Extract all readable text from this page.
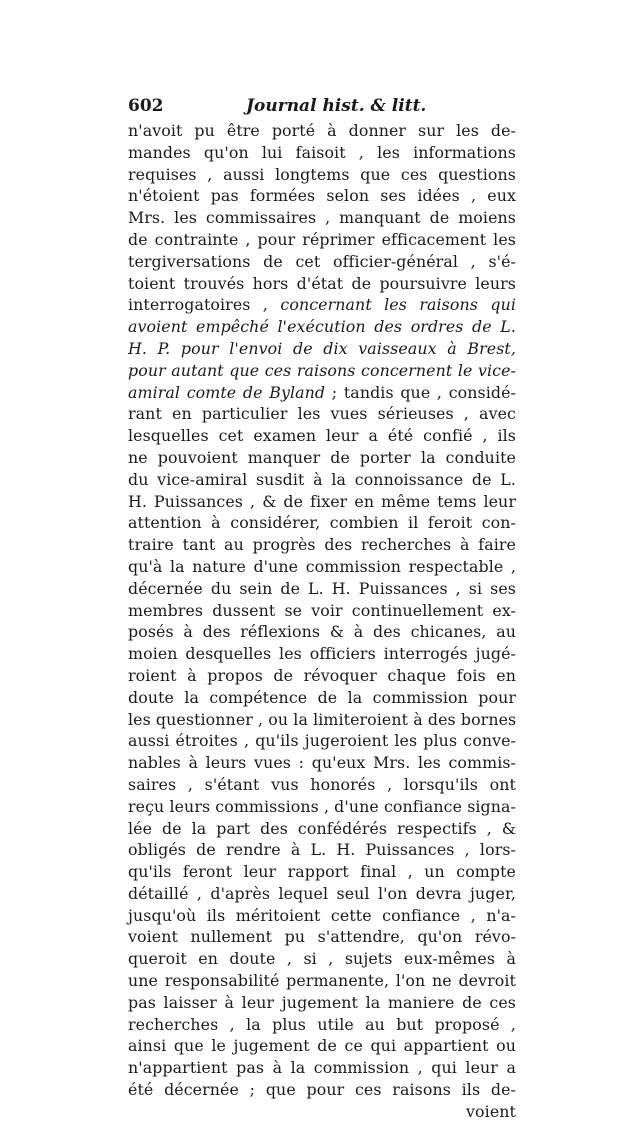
602	Journal hist. & litt.
n'avoit pu être porté à donner sur les de-
mandes qu'on lui faisoit , les informations
requises , aussi longtems que ces questions
n'étoient pas formées selon ses idées , eux
Mrs. les commissaires , manquant de moiens
de contrainte , pour réprimer efficacement les
tergiversations de cet officier-général , s'é-
toient trouvés hors d'état de poursuivre leurs
interrogatoires , concernant les raisons qui
avoient empêché l'exécution des ordres de L.
H. P. pour l'envoi de dix vaisseaux à Brest,
pour autant que ces raisons concernent le vice-
amiral comte de Byland ; tandis que , considé-
rant en particulier les vues sérieuses , avec
lesquelles cet examen leur a été confié , ils
ne pouvoient manquer de porter la conduite
du vice-amiral susdit à la connoissance de L.
H. Puissances , & de fixer en même tems leur
attention à considérer, combien il feroit con-
traire tant au progrès des recherches à faire
qu'à la nature d'une commission respectable ,
décernée du sein de L. H. Puissances , si ses
membres dussent se voir continuellement ex-
posés à des réflexions & à des chicanes, au
moien desquelles les officiers interrogés jugé-
roient à propos de révoquer chaque fois en
doute la compétence de la commission pour
les questionner , ou la limiteroient à des bornes
aussi étroites , qu'ils jugeroient les plus conve-
nables à leurs vues : qu'eux Mrs. les commis-
saires , s'étant vus honorés , lorsqu'ils ont
reçu leurs commissions , d'une confiance signa-
lée de la part des confédérés respectifs , &
obligés de rendre à L. H. Puissances , lors-
qu'ils feront leur rapport final , un compte
détaillé , d'après lequel seul l'on devra juger,
jusqu'où ils méritoient cette confiance , n'a-
voient nullement pu s'attendre, qu'on révo-
queroit en doute , si , sujets eux-mêmes à
une responsabilité permanente, l'on ne devroit
pas laisser à leur jugement la maniere de ces
recherches , la plus utile au but proposé ,
ainsi que le jugement de ce qui appartient ou
n'appartient pas à la commission , qui leur a
été décernée ; que pour ces raisons ils de-
voient
